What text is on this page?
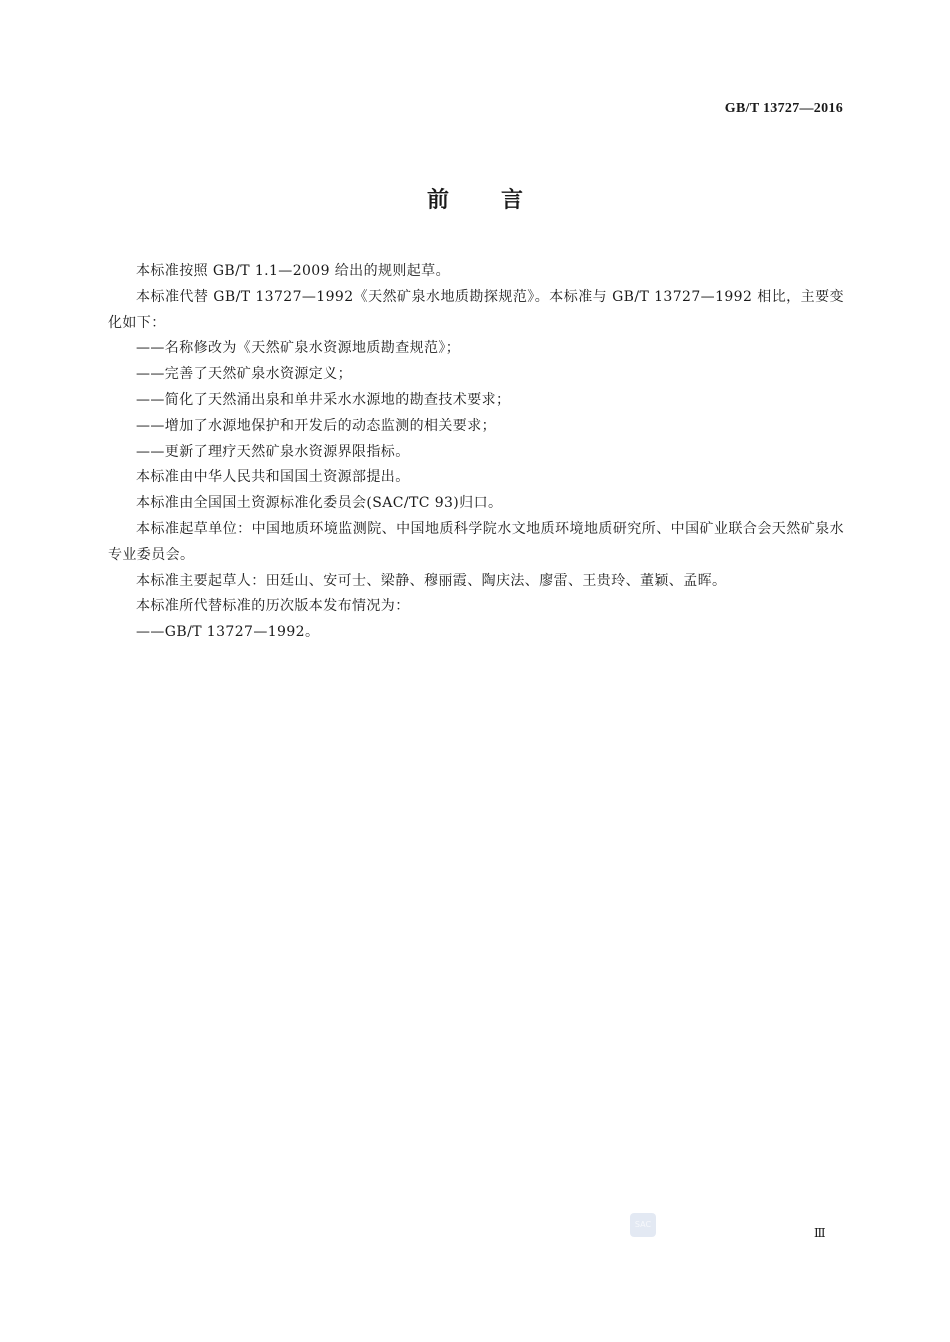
GB/T 13727—2016
前言

本标准按照 GB/T 1.1—2009 给出的规则起草。

本标准代替 GB/T 13727—1992《天然矿泉水地质勘探规范》。本标准与 GB/T 13727—1992 相比，主要变化如下：

——名称修改为《天然矿泉水资源地质勘查规范》；

——完善了天然矿泉水资源定义；

——简化了天然涌出泉和单井采水水源地的勘查技术要求；

——增加了水源地保护和开发后的动态监测的相关要求；

——更新了理疗天然矿泉水资源界限指标。

本标准由中华人民共和国国土资源部提出。

本标准由全国国土资源标准化委员会(SAC/TC 93)归口。

本标准起草单位：中国地质环境监测院、中国地质科学院水文地质环境地质研究所、中国矿业联合会天然矿泉水专业委员会。

本标准主要起草人：田廷山、安可士、梁静、穆丽霞、陶庆法、廖雷、王贵玲、董颖、孟晖。

本标准所代替标准的历次版本发布情况为：

——GB/T 13727—1992。

SAC
Ⅲ
